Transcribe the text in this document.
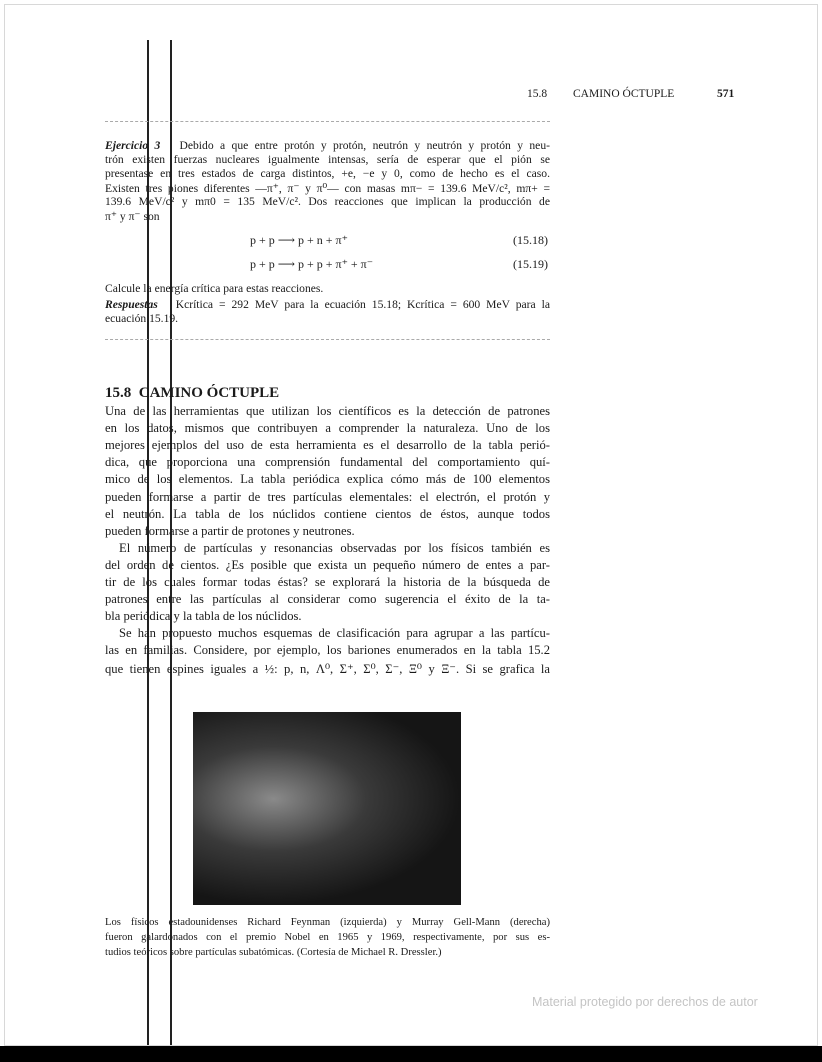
15.8 CAMINO ÓCTUPLE	571
Ejercicio 3 Debido a que entre protón y protón, neutrón y neutrón y protón y neu-
trón existen fuerzas nucleares igualmente intensas, sería de esperar que el pión se
presentase en tres estados de carga distintos, +e, −e y 0, como de hecho es el caso.
Existen tres piones diferentes —π⁺, π⁻ y π⁰— con masas mπ− = 139.6 MeV/c², mπ+ =
139.6 MeV/c² y mπ0 = 135 MeV/c². Dos reacciones que implican la producción de
π⁺ y π⁻ son
p + p ⟶ p + n + π⁺	(15.18)
p + p ⟶ p + p + π⁺ + π⁻	(15.19)
Calcule la energía crítica para estas reacciones.
Respuestas Kcrítica = 292 MeV para la ecuación 15.18; Kcrítica = 600 MeV para la
ecuación 15.19.
15.8 CAMINO ÓCTUPLE
Una de las herramientas que utilizan los científicos es la detección de patrones
en los datos, mismos que contribuyen a comprender la naturaleza. Uno de los
mejores ejemplos del uso de esta herramienta es el desarrollo de la tabla perió-
dica, que proporciona una comprensión fundamental del comportamiento quí-
mico de los elementos. La tabla periódica explica cómo más de 100 elementos
pueden formarse a partir de tres partículas elementales: el electrón, el protón y
el neutrón. La tabla de los núclidos contiene cientos de éstos, aunque todos
pueden formarse a partir de protones y neutrones.
El número de partículas y resonancias observadas por los físicos también es
del orden de cientos. ¿Es posible que exista un pequeño número de entes a par-
tir de los cuales formar todas éstas? se explorará la historia de la búsqueda de
patrones entre las partículas al considerar como sugerencia el éxito de la ta-
bla periódica y la tabla de los núclidos.
Se han propuesto muchos esquemas de clasificación para agrupar a las partícu-
las en familias. Considere, por ejemplo, los bariones enumerados en la tabla 15.2
que tienen espines iguales a ½: p, n, Λ⁰, Σ⁺, Σ⁰, Σ⁻, Ξ⁰ y Ξ⁻. Si se grafica la
Los físicos estadounidenses Richard Feynman (izquierda) y Murray Gell-Mann (derecha)
fueron galardonados con el premio Nobel en 1965 y 1969, respectivamente, por sus es-
tudios teóricos sobre partículas subatómicas. (Cortesía de Michael R. Dressler.)
Material protegido por derechos de autor
